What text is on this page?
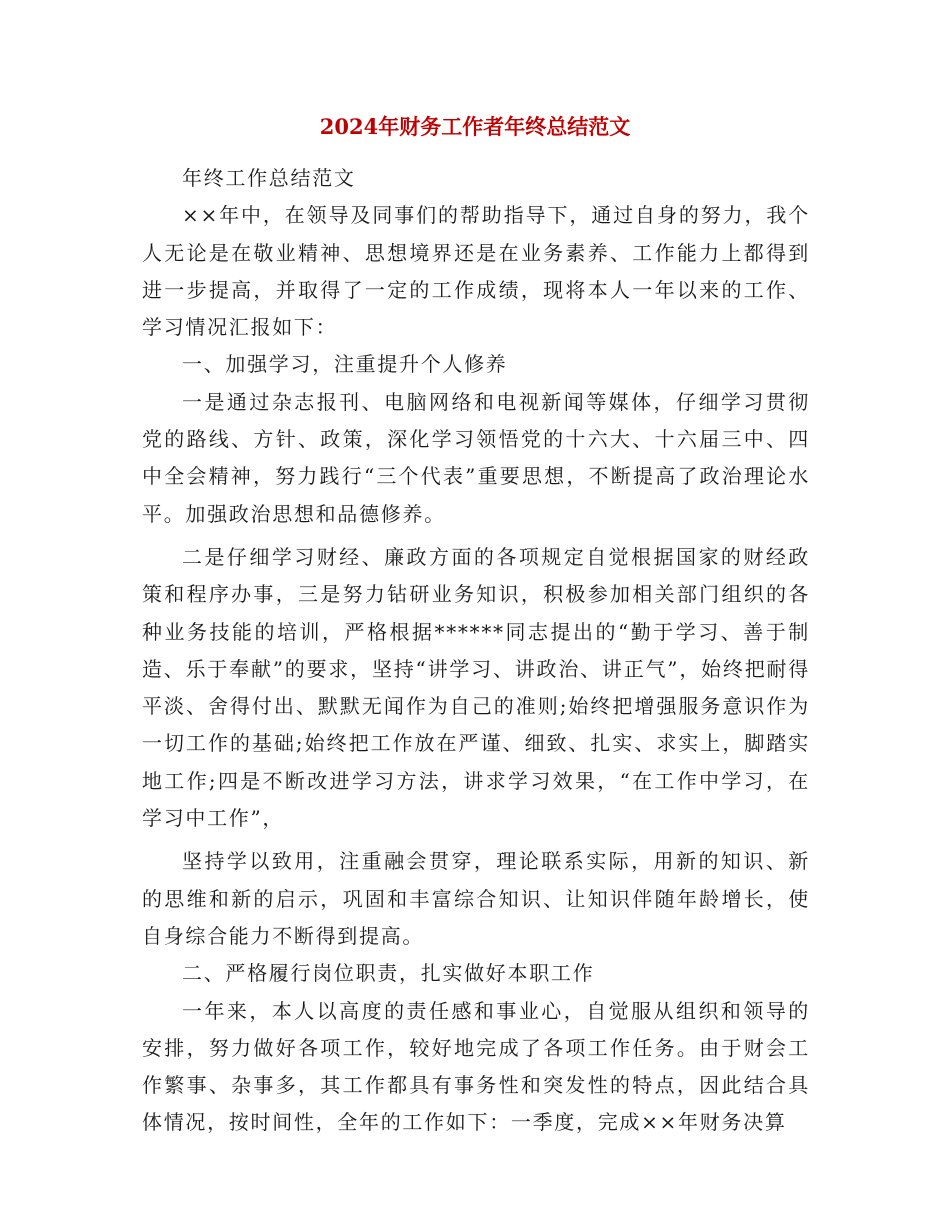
2024年财务工作者年终总结范文

年终工作总结范文

××年中，在领导及同事们的帮助指导下，通过自身的努力，我个人无论是在敬业精神、思想境界还是在业务素养、工作能力上都得到进一步提高，并取得了一定的工作成绩，现将本人一年以来的工作、学习情况汇报如下：

一、加强学习，注重提升个人修养

一是通过杂志报刊、电脑网络和电视新闻等媒体，仔细学习贯彻党的路线、方针、政策，深化学习领悟党的十六大、十六届三中、四中全会精神，努力践行“三个代表”重要思想，不断提高了政治理论水平。加强政治思想和品德修养。

二是仔细学习财经、廉政方面的各项规定自觉根据国家的财经政策和程序办事，三是努力钻研业务知识，积极参加相关部门组织的各种业务技能的培训，严格根据******同志提出的“勤于学习、善于制造、乐于奉献”的要求，坚持“讲学习、讲政治、讲正气”，始终把耐得平淡、舍得付出、默默无闻作为自己的准则;始终把增强服务意识作为一切工作的基础;始终把工作放在严谨、细致、扎实、求实上，脚踏实地工作;四是不断改进学习方法，讲求学习效果，“在工作中学习，在学习中工作”，

坚持学以致用，注重融会贯穿，理论联系实际，用新的知识、新的思维和新的启示，巩固和丰富综合知识、让知识伴随年龄增长，使自身综合能力不断得到提高。

二、严格履行岗位职责，扎实做好本职工作

一年来，本人以高度的责任感和事业心，自觉服从组织和领导的安排，努力做好各项工作，较好地完成了各项工作任务。由于财会工作繁事、杂事多，其工作都具有事务性和突发性的特点，因此结合具体情况，按时间性，全年的工作如下：一季度，完成××年财务决算
